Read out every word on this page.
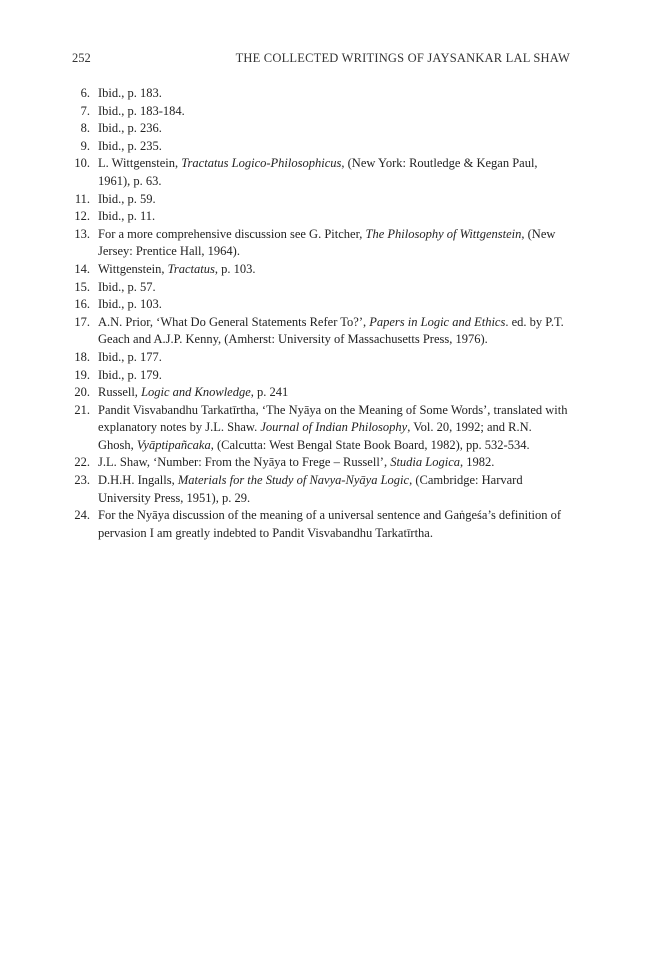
252	THE COLLECTED WRITINGS OF JAYSANKAR LAL SHAW
6. Ibid., p. 183.
7. Ibid., p. 183-184.
8. Ibid., p. 236.
9. Ibid., p. 235.
10. L. Wittgenstein, Tractatus Logico-Philosophicus, (New York: Routledge & Kegan Paul, 1961), p. 63.
11. Ibid., p. 59.
12. Ibid., p. 11.
13. For a more comprehensive discussion see G. Pitcher, The Philosophy of Wittgenstein, (New Jersey: Prentice Hall, 1964).
14. Wittgenstein, Tractatus, p. 103.
15. Ibid., p. 57.
16. Ibid., p. 103.
17. A.N. Prior, ‘What Do General Statements Refer To?’, Papers in Logic and Ethics. ed. by P.T. Geach and A.J.P. Kenny, (Amherst: University of Massachusetts Press, 1976).
18. Ibid., p. 177.
19. Ibid., p. 179.
20. Russell, Logic and Knowledge, p. 241
21. Pandit Visvabandhu Tarkatīrtha, ‘The Nyāya on the Meaning of Some Words’, translated with explanatory notes by J.L. Shaw. Journal of Indian Philosophy, Vol. 20, 1992; and R.N. Ghosh, Vyāptipañcaka, (Calcutta: West Bengal State Book Board, 1982), pp. 532-534.
22. J.L. Shaw, ‘Number: From the Nyāya to Frege – Russell’, Studia Logica, 1982.
23. D.H.H. Ingalls, Materials for the Study of Navya-Nyāya Logic, (Cambridge: Harvard University Press, 1951), p. 29.
24. For the Nyāya discussion of the meaning of a universal sentence and Gaṅgeśa’s definition of pervasion I am greatly indebted to Pandit Visvabandhu Tarkatīrtha.
